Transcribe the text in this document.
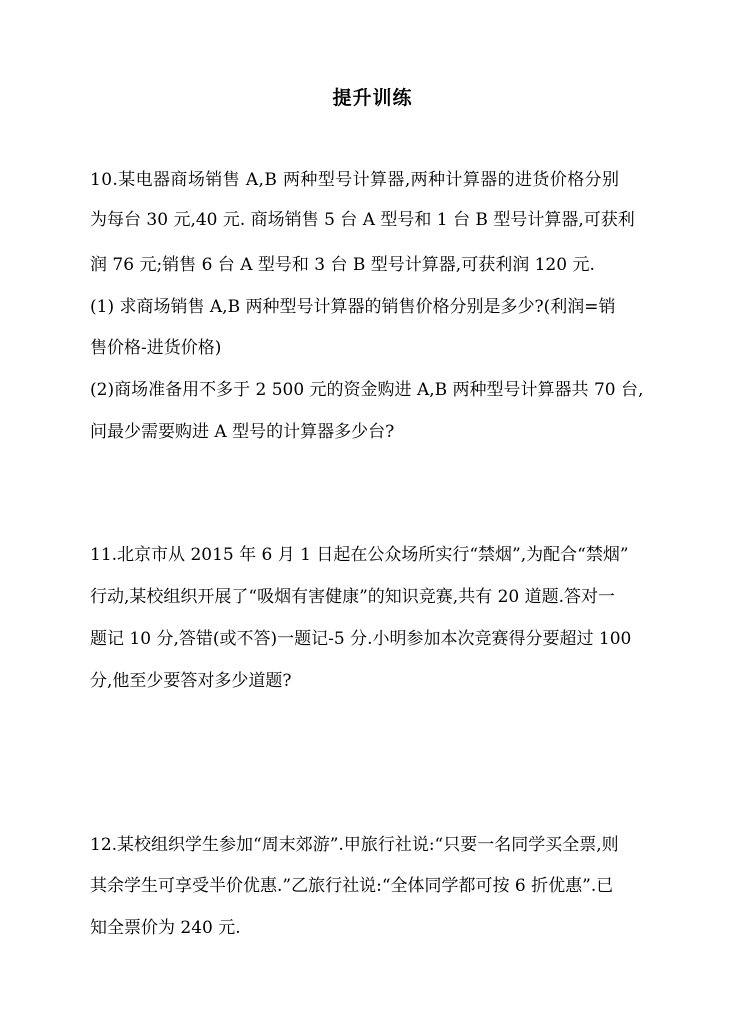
提升训练
10.某电器商场销售 A,B 两种型号计算器,两种计算器的进货价格分别
为每台 30 元,40 元. 商场销售 5 台 A 型号和 1 台 B 型号计算器,可获利
润 76 元;销售 6 台 A 型号和 3 台 B 型号计算器,可获利润 120 元.
(1) 求商场销售 A,B 两种型号计算器的销售价格分别是多少?(利润=销
售价格-进货价格)
(2)商场准备用不多于 2 500 元的资金购进 A,B 两种型号计算器共 70 台,
问最少需要购进 A 型号的计算器多少台?
11.北京市从 2015 年 6 月 1 日起在公众场所实行“禁烟”,为配合“禁烟”
行动,某校组织开展了“吸烟有害健康”的知识竞赛,共有 20 道题.答对一
题记 10 分,答错(或不答)一题记-5 分.小明参加本次竞赛得分要超过 100
分,他至少要答对多少道题?
12.某校组织学生参加“周末郊游”.甲旅行社说:“只要一名同学买全票,则
其余学生可享受半价优惠.”乙旅行社说:“全体同学都可按 6 折优惠”.已
知全票价为 240 元.
